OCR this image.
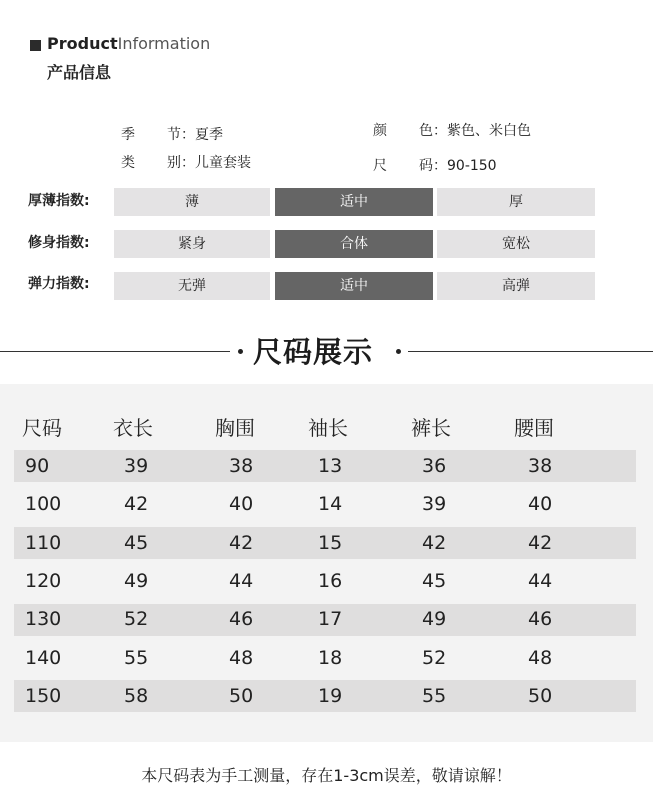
ProductInformation
产品信息
季 节：夏季
类 别：儿童套装
颜 色：紫色、米白色
尺 码：90-150
厚薄指数:	薄	适中	厚
修身指数:	紧身	合体	宽松
弹力指数:	无弹	适中	高弹
尺码展示
尺码	衣长	胸围	袖长	裤长	腰围
90	39	38	13	36	38
100	42	40	14	39	40
110	45	42	15	42	42
120	49	44	16	45	44
130	52	46	17	49	46
140	55	48	18	52	48
150	58	50	19	55	50
本尺码表为手工测量，存在1-3cm误差，敬请谅解！
